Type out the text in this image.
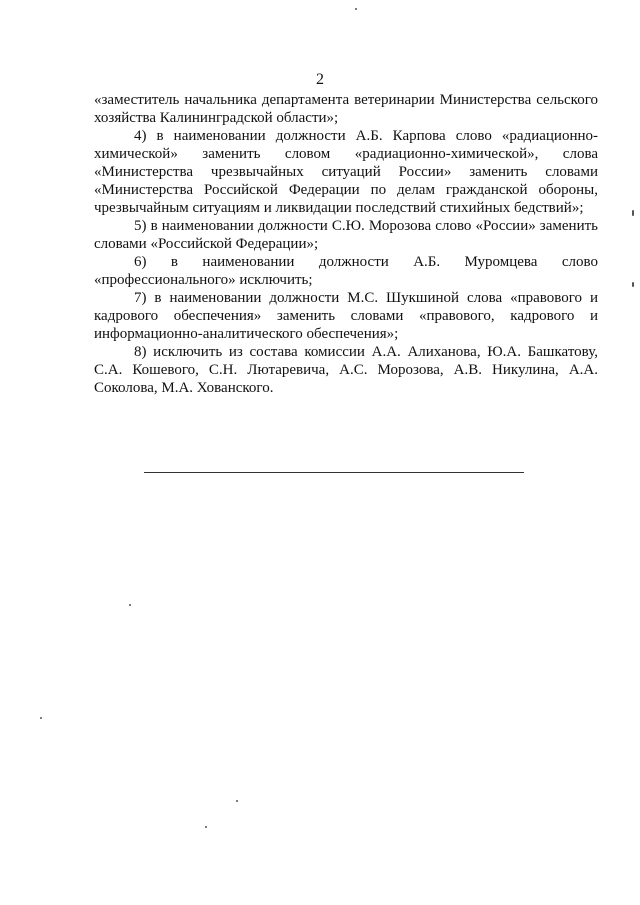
2

«заместитель начальника департамента ветеринарии Министерства сельского хозяйства Калининградской области»;

4) в наименовании должности А.Б. Карпова слово «радиационно-химической» заменить словом «радиационно-химической», слова «Министерства чрезвычайных ситуаций России» заменить словами «Министерства Российской Федерации по делам гражданской обороны, чрезвычайным ситуациям и ликвидации последствий стихийных бедствий»;

5) в наименовании должности С.Ю. Морозова слово «России» заменить словами «Российской Федерации»;

6) в наименовании должности А.Б. Муромцева слово «профессионального» исключить;

7) в наименовании должности М.С. Шукшиной слова «правового и кадрового обеспечения» заменить словами «правового, кадрового и информационно-аналитического обеспечения»;

8) исключить из состава комиссии А.А. Алиханова, Ю.А. Башкатову, С.А. Кошевого, С.Н. Лютаревича, А.С. Морозова, А.В. Никулина, А.А. Соколова, М.А. Хованского.
